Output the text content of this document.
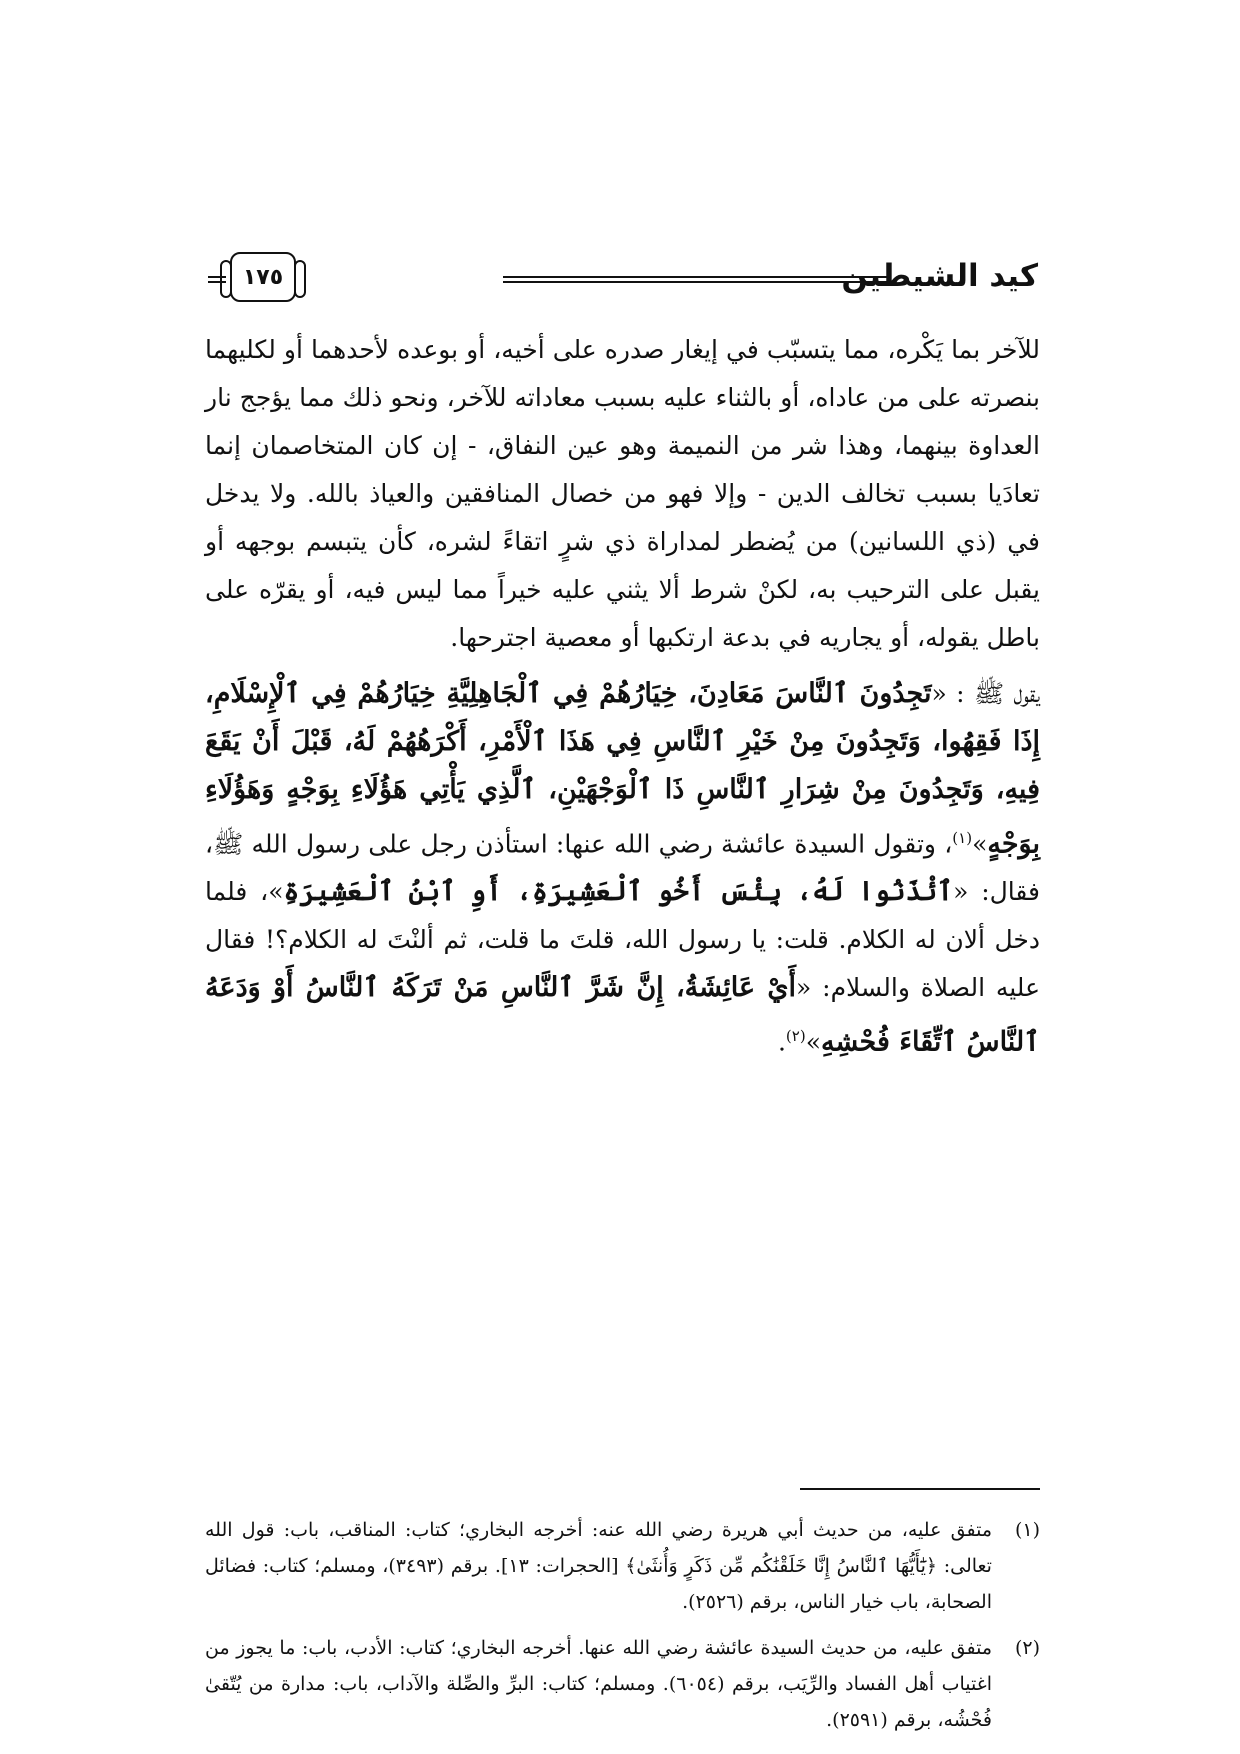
كيد الشيطين
١٧٥

للآخر بما يَكْره، مما يتسبّب في إيغار صدره على أخيه، أو بوعده لأحدهما أو لكليهما بنصرته على من عاداه، أو بالثناء عليه بسبب معاداته للآخر، ونحو ذلك مما يؤجج نار العداوة بينهما، وهذا شر من النميمة وهو عين النفاق، - إن كان المتخاصمان إنما تعادَيا بسبب تخالف الدين - وإلا فهو من خصال المنافقين والعياذ بالله. ولا يدخل في (ذي اللسانين) من يُضطر لمداراة ذي شرٍ اتقاءً لشره، كأن يتبسم بوجهه أو يقبل على الترحيب به، لكنْ شرط ألا يثني عليه خيراً مما ليس فيه، أو يقرّه على باطل يقوله، أو يجاريه في بدعة ارتكبها أو معصية اجترحها.

يقول ﷺ : «تَجِدُونَ ٱلنَّاسَ مَعَادِنَ، خِيَارُهُمْ فِي ٱلْجَاهِلِيَّةِ خِيَارُهُمْ فِي ٱلْإِسْلَامِ، إِذَا فَقِهُوا، وَتَجِدُونَ مِنْ خَيْرِ ٱلنَّاسِ فِي هَذَا ٱلْأَمْرِ، أَكْرَهُهُمْ لَهُ، قَبْلَ أَنْ يَقَعَ فِيهِ، وَتَجِدُونَ مِنْ شِرَارِ ٱلنَّاسِ ذَا ٱلْوَجْهَيْنِ، ٱلَّذِي يَأْتِي هَؤُلَاءِ بِوَجْهٍ وَهَؤُلَاءِ بِوَجْهٍ»$^{(١)}$، وتقول السيدة عائشة رضي الله عنها: استأذن رجل على رسول الله ﷺ، فقال: «ٱئْذَنُوا لَهُ، بِئْسَ أَخُو ٱلْعَشِيرَةِ، أَوِ ٱبْنُ ٱلْعَشِيرَةِ»، فلما دخل ألان له الكلام. قلت: يا رسول الله، قلتَ ما قلت، ثم ألنْتَ له الكلام؟! فقال عليه الصلاة والسلام: «أَيْ عَائِشَةُ، إِنَّ شَرَّ ٱلنَّاسِ مَنْ تَرَكَهُ ٱلنَّاسُ أَوْ وَدَعَهُ ٱلنَّاسُ ٱتِّقَاءَ فُحْشِهِ»$^{(٢)}$.

(١)
متفق عليه، من حديث أبي هريرة رضي الله عنه: أخرجه البخاري؛ كتاب: المناقب، باب: قول الله تعالى: ﴿يَٰٓأَيُّهَا ٱلنَّاسُ إِنَّا خَلَقْنَٰكُم مِّن ذَكَرٍ وَأُنثَىٰ﴾ [الحجرات: ١٣]. برقم (٣٤٩٣)، ومسلم؛ كتاب: فضائل الصحابة، باب خيار الناس، برقم (٢٥٢٦).

(٢)
متفق عليه، من حديث السيدة عائشة رضي الله عنها. أخرجه البخاري؛ كتاب: الأدب، باب: ما يجوز من اغتياب أهل الفساد والرِّيَب، برقم (٦٠٥٤). ومسلم؛ كتاب: البرِّ والصِّلة والآداب، باب: مدارة من يُتّقىٰ فُحْشُه، برقم (٢٥٩١).
